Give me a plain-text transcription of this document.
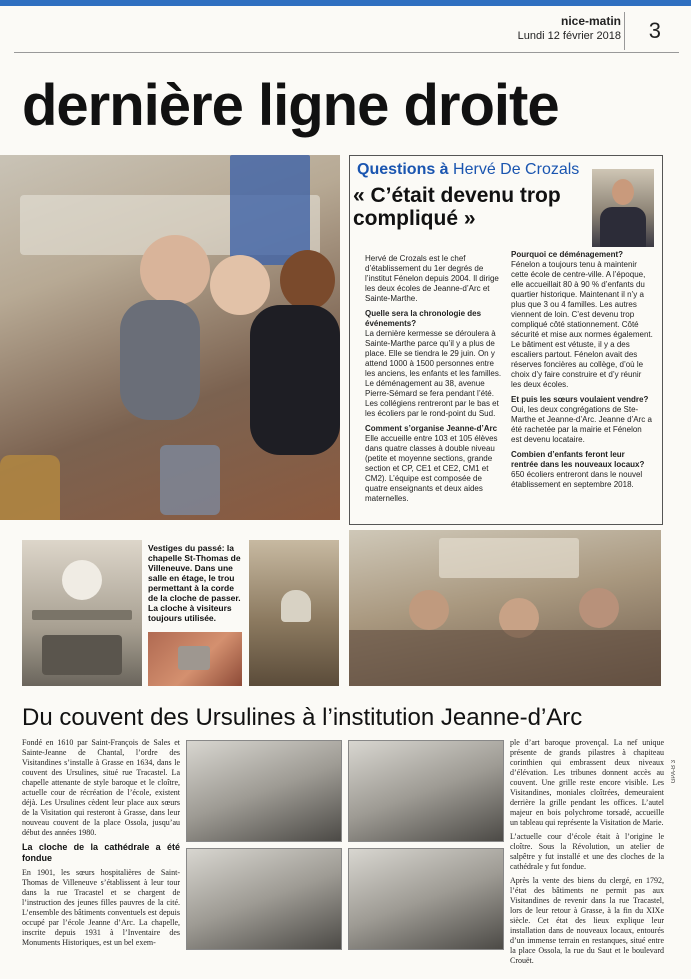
nice-matin
Lundi 12 février 2018 3
dernière ligne droite
Questions à Hervé De Crozals
« C’était devenu trop compliqué »

Hervé de Crozals est le chef d’établissement du 1er degrés de l’institut Fénelon depuis 2004. Il dirige les deux écoles de Jeanne-d’Arc et Sainte-Marthe.

Quelle sera la chronologie des événements?

La dernière kermesse se déroulera à Sainte-Marthe parce qu’il y a plus de place. Elle se tiendra le 29 juin. On y attend 1000 à 1500 personnes entre les anciens, les enfants et les familles. Le déménagement au 38, avenue Pierre-Sémard se fera pendant l’été. Les collégiens rentreront par le bas et les écoliers par le rond-point du Sud.

Comment s’organise Jeanne-d’Arc

Elle accueille entre 103 et 105 élèves dans quatre classes à double niveau (petite et moyenne sections, grande section et CP, CE1 et CE2, CM1 et CM2). L’équipe est composée de quatre enseignants et deux aides maternelles.

Pourquoi ce déménagement?

Fénelon a toujours tenu à maintenir cette école de centre-ville. A l’époque, elle accueillait 80 à 90 % d’enfants du quartier historique. Maintenant il n’y a plus que 3 ou 4 familles. Les autres viennent de loin. C’est devenu trop compliqué côté stationnement. Côté sécurité et mise aux normes également. Le bâtiment est vétuste, il y a des escaliers partout. Fénelon avait des réserves foncières au collège, d’où le choix d’y faire construire et d’y réunir les deux écoles.

Et puis les sœurs voulaient vendre?

Oui, les deux congrégations de Ste-Marthe et Jeanne-d’Arc. Jeanne d’Arc a été rachetée par la mairie et Fénelon est devenu locataire.

Combien d’enfants feront leur rentrée dans les nouveaux locaux?

650 écoliers entreront dans le nouvel établissement en septembre 2018.

Vestiges du passé: la chapelle St-Thomas de Villeneuve. Dans une salle en étage, le trou permettant à la corde de la cloche de passer. La cloche à visiteurs toujours utilisée.
Du couvent des Ursulines à l’institution Jeanne-d’Arc

Fondé en 1610 par Saint-François de Sales et Sainte-Jeanne de Chantal, l’ordre des Visitandines s’installe à Grasse en 1634, dans le couvent des Ursulines, situé rue Tracastel. La chapelle attenante de style baroque et le cloître, actuelle cour de récréation de l’école, existent déjà. Les Ursulines cèdent leur place aux sœurs de la Visitation qui resteront à Grasse, dans leur nouveau couvent de la place Ossola, jusqu’au début des années 1980.

La cloche de la cathédrale a été fondue

En 1901, les sœurs hospitalières de Saint-Thomas de Villeneuve s’établissent à leur tour dans la rue Tracastel et se chargent de l’instruction des jeunes filles pauvres de la cité. L’ensemble des bâtiments conventuels est depuis occupé par l’école Jeanne d’Arc. La chapelle, inscrite depuis 1931 à l’Inventaire des Monuments Historiques, est un bel exem-

ple d’art baroque provençal. La nef unique présente de grands pilastres à chapiteau corinthien qui embrassent deux niveaux d’élévation. Les tribunes donnent accès au couvent. Une grille reste encore visible. Les Visitandines, moniales cloîtrées, demeuraient derrière la grille pendant les offices. L’autel majeur en bois polychrome torsadé, accueille un tableau qui représente la Visitation de Marie.

L’actuelle cour d’école était à l’origine le cloître. Sous la Révolution, un atelier de salpêtre y fut installé et une des cloches de la cathédrale y fut fondue.

Après la vente des biens du clergé, en 1792, l’état des bâtiments ne permit pas aux Visitandines de revenir dans la rue Tracastel, lors de leur retour à Grasse, à la fin du XIXe siècle. Cet état des lieux explique leur installation dans de nouveaux locaux, entourés d’un immense terrain en restanques, situé entre la place Ossola, la rue du Saut et le boulevard Crouët.

GPA-B 3
